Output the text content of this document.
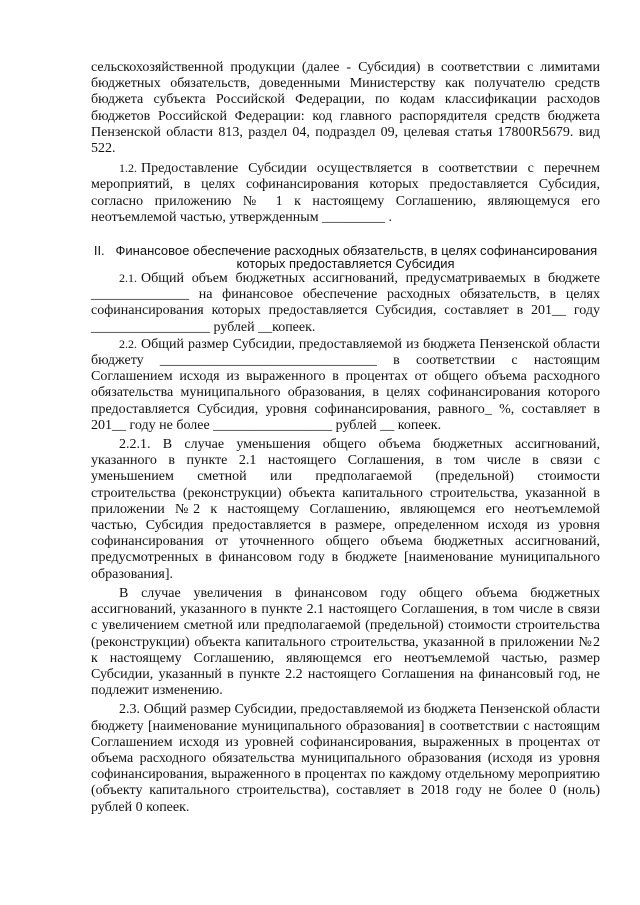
сельскохозяйственной продукции (далее - Субсидия) в соответствии с лимитами бюджетных обязательств, доведенными Министерству как получателю средств бюджета субъекта Российской Федерации, по кодам классификации расходов бюджетов Российской Федерации: код главного распорядителя средств бюджета Пензенской области 813, раздел 04, подраздел 09, целевая статья 17800R5679. вид 522.

1.2. Предоставление Субсидии осуществляется в соответствии с перечнем мероприятий, в целях софинансирования которых предоставляется Субсидия, согласно приложению № 1 к настоящему Соглашению, являющемуся его неотъемлемой частью, утвержденным _________ .

II. Финансовое обеспечение расходных обязательств, в целях софинансирования
которых предоставляется Субсидия

2.1. Общий объем бюджетных ассигнований, предусматриваемых в бюджете ______________ на финансовое обеспечение расходных обязательств, в целях софинансирования которых предоставляется Субсидия, составляет в 201__ году _________________ рублей __копеек.

2.2. Общий размер Субсидии, предоставляемой из бюджета Пензенской области бюджету _______________________________ в соответствии с настоящим Соглашением исходя из выраженного в процентах от общего объема расходного обязательства муниципального образования, в целях софинансирования которого предоставляется Субсидия, уровня софинансирования, равного_ %, составляет в 201__ году не более _________________ рублей __ копеек.

2.2.1. В случае уменьшения общего объема бюджетных ассигнований, указанного в пункте 2.1 настоящего Соглашения, в том числе в связи с уменьшением сметной или предполагаемой (предельной) стоимости строительства (реконструкции) объекта капитального строительства, указанной в приложении №2 к настоящему Соглашению, являющемся его неотъемлемой частью, Субсидия предоставляется в размере, определенном исходя из уровня софинансирования от уточненного общего объема бюджетных ассигнований, предусмотренных в финансовом году в бюджете [наименование муниципального образования].

В случае увеличения в финансовом году общего объема бюджетных ассигнований, указанного в пункте 2.1 настоящего Соглашения, в том числе в связи с увеличением сметной или предполагаемой (предельной) стоимости строительства (реконструкции) объекта капитального строительства, указанной в приложении №2 к настоящему Соглашению, являющемся его неотъемлемой частью, размер Субсидии, указанный в пункте 2.2 настоящего Соглашения на финансовый год, не подлежит изменению.

2.3. Общий размер Субсидии, предоставляемой из бюджета Пензенской области бюджету [наименование муниципального образования] в соответствии с настоящим Соглашением исходя из уровней софинансирования, выраженных в процентах от объема расходного обязательства муниципального образования (исходя из уровня софинансирования, выраженного в процентах по каждому отдельному мероприятию (объекту капитального строительства), составляет в 2018 году не более 0 (ноль) рублей 0 копеек.
